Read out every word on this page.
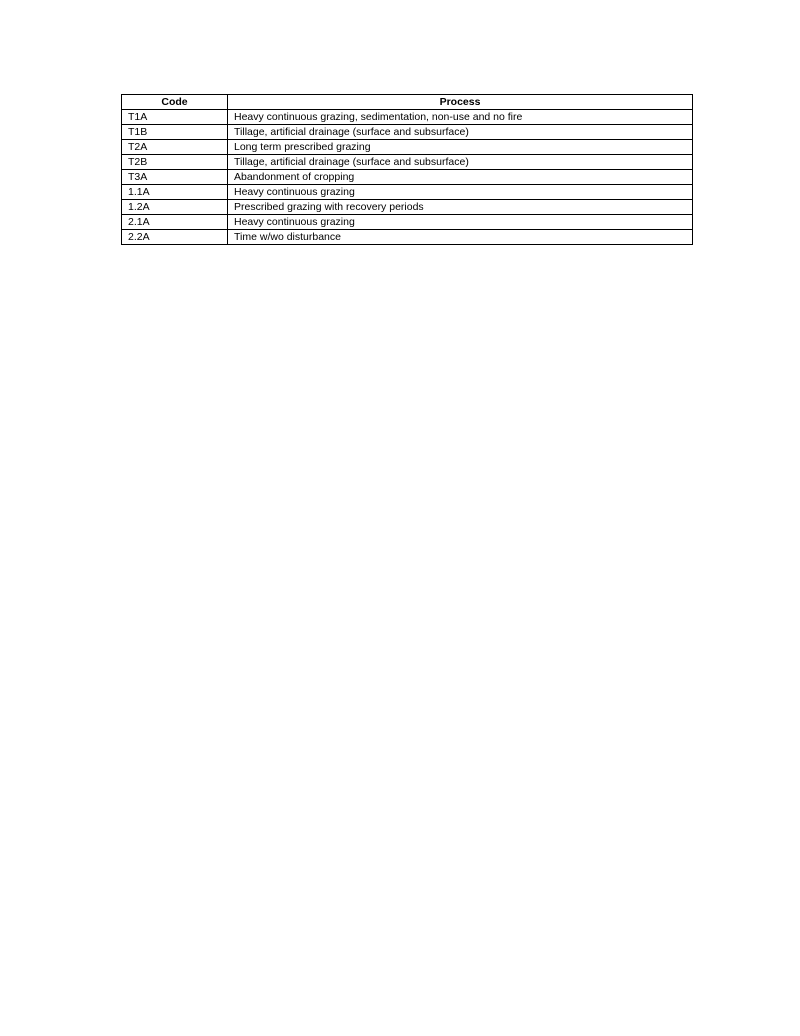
Code	Process
T1A	Heavy continuous grazing, sedimentation, non-use and no fire
T1B	Tillage, artificial drainage (surface and subsurface)
T2A	Long term prescribed grazing
T2B	Tillage, artificial drainage (surface and subsurface)
T3A	Abandonment of cropping
1.1A	Heavy continuous grazing
1.2A	Prescribed grazing with recovery periods
2.1A	Heavy continuous grazing
2.2A	Time w/wo disturbance
